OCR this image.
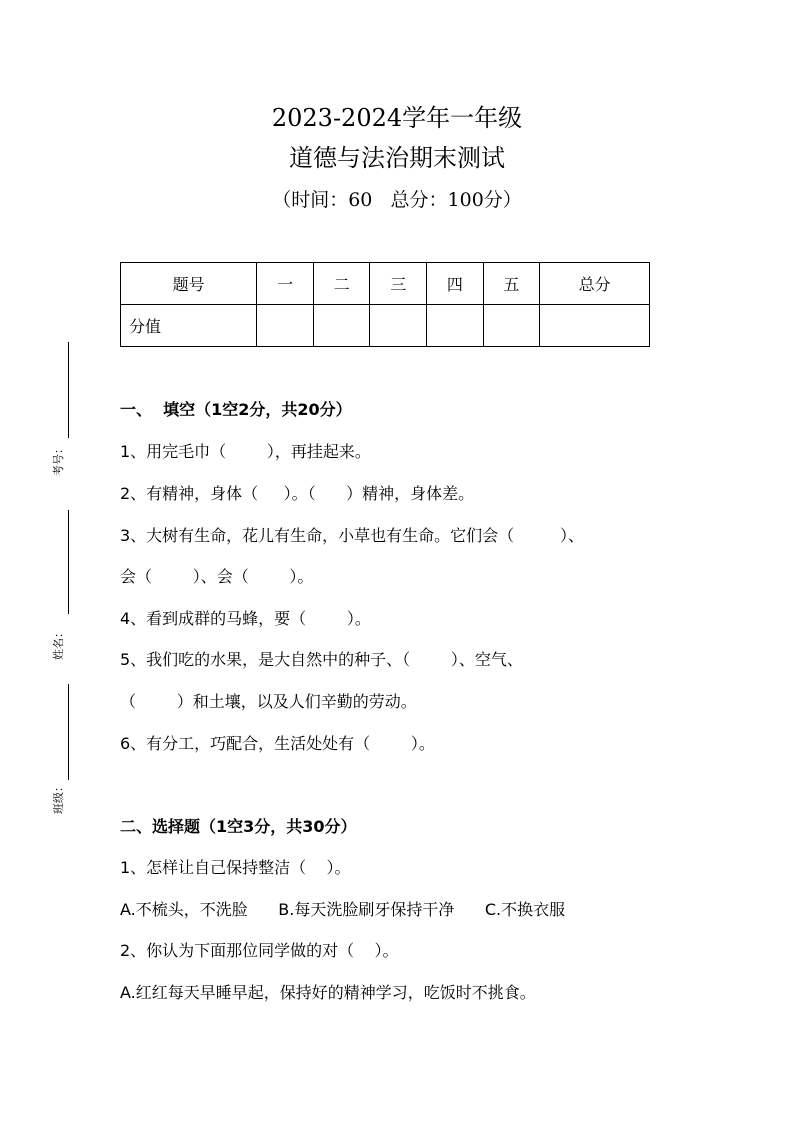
考号：
姓名：
班级：
2023-2024学年一年级
道德与法治期末测试
（时间：60   总分：100分）
题号	一	二	三	四	五	总分
分值						
一、  填空（1空2分，共20分）
1、用完毛巾（        ），再挂起来。
2、有精神，身体（     ）。（      ）精神，身体差。
3、大树有生命，花儿有生命，小草也有生命。它们会（         ）、
会（        ）、会（        ）。
4、看到成群的马蜂，要（        ）。
5、我们吃的水果，是大自然中的种子、（        ）、空气、
（        ）和土壤，以及人们辛勤的劳动。
6、有分工，巧配合，生活处处有（        ）。
二、选择题（1空3分，共30分）
1、怎样让自己保持整洁（    ）。
A.不梳头，不洗脸      B.每天洗脸刷牙保持干净      C.不换衣服
2、你认为下面那位同学做的对（    ）。
A.红红每天早睡早起，保持好的精神学习，吃饭时不挑食。
